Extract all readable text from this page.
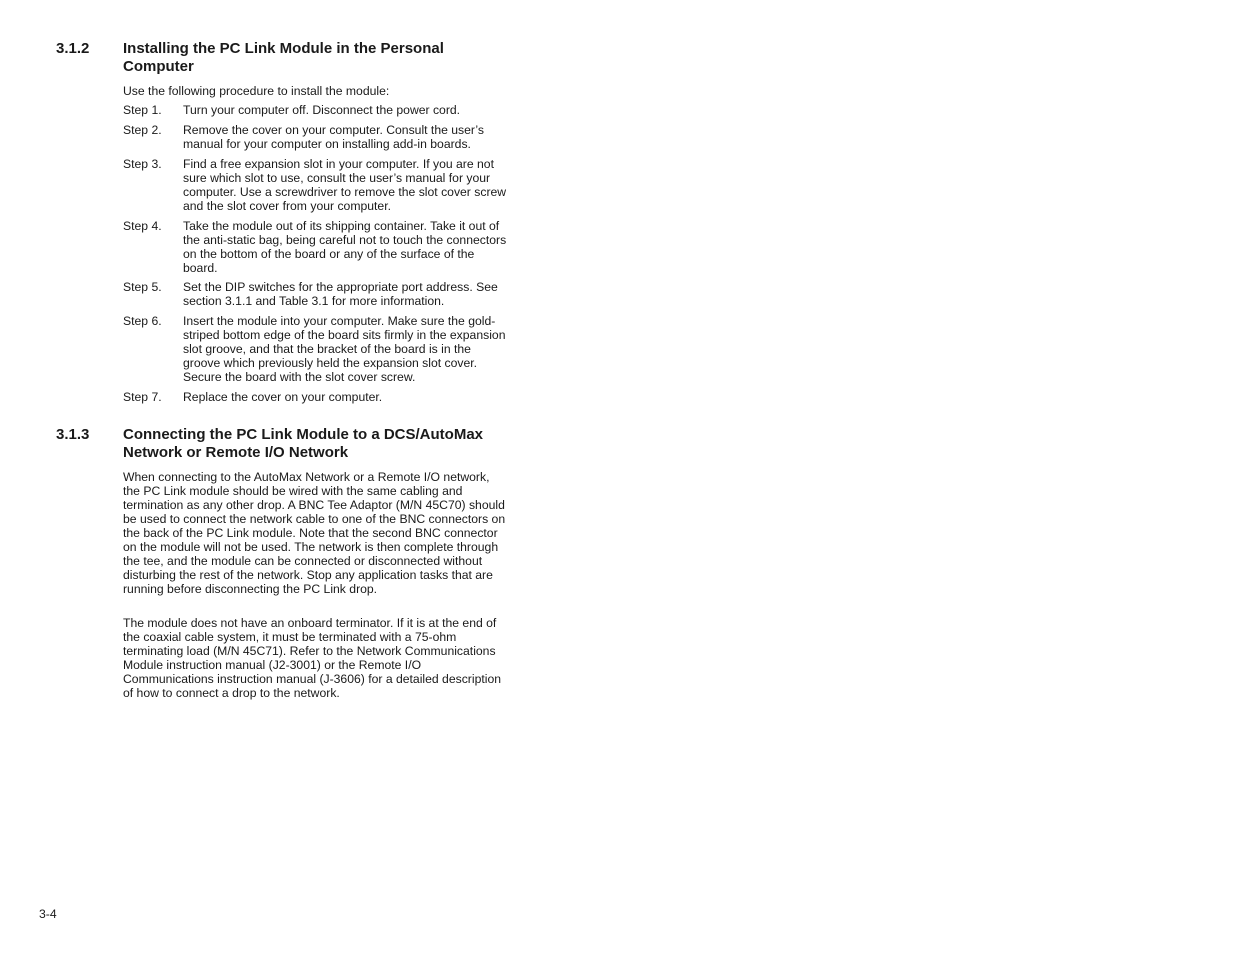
3.1.2 Installing the PC Link Module in the Personal Computer
Use the following procedure to install the module:
Step 1.	Turn your computer off. Disconnect the power cord.
Step 2.	Remove the cover on your computer. Consult the user’s manual for your computer on installing add-in boards.
Step 3.	Find a free expansion slot in your computer. If you are not sure which slot to use, consult the user’s manual for your computer. Use a screwdriver to remove the slot cover screw and the slot cover from your computer.
Step 4.	Take the module out of its shipping container. Take it out of the anti-static bag, being careful not to touch the connectors on the bottom of the board or any of the surface of the board.
Step 5.	Set the DIP switches for the appropriate port address. See section 3.1.1 and Table 3.1 for more information.
Step 6.	Insert the module into your computer. Make sure the gold-striped bottom edge of the board sits firmly in the expansion slot groove, and that the bracket of the board is in the groove which previously held the expansion slot cover. Secure the board with the slot cover screw.
Step 7.	Replace the cover on your computer.
3.1.3 Connecting the PC Link Module to a DCS/AutoMax Network or Remote I/O Network
When connecting to the AutoMax Network or a Remote I/O network, the PC Link module should be wired with the same cabling and termination as any other drop. A BNC Tee Adaptor (M/N 45C70) should be used to connect the network cable to one of the BNC connectors on the back of the PC Link module. Note that the second BNC connector on the module will not be used. The network is then complete through the tee, and the module can be connected or disconnected without disturbing the rest of the network. Stop any application tasks that are running before disconnecting the PC Link drop.
The module does not have an onboard terminator. If it is at the end of the coaxial cable system, it must be terminated with a 75-ohm terminating load (M/N 45C71). Refer to the Network Communications Module instruction manual (J2-3001) or the Remote I/O Communications instruction manual (J-3606) for a detailed description of how to connect a drop to the network.
3-4
